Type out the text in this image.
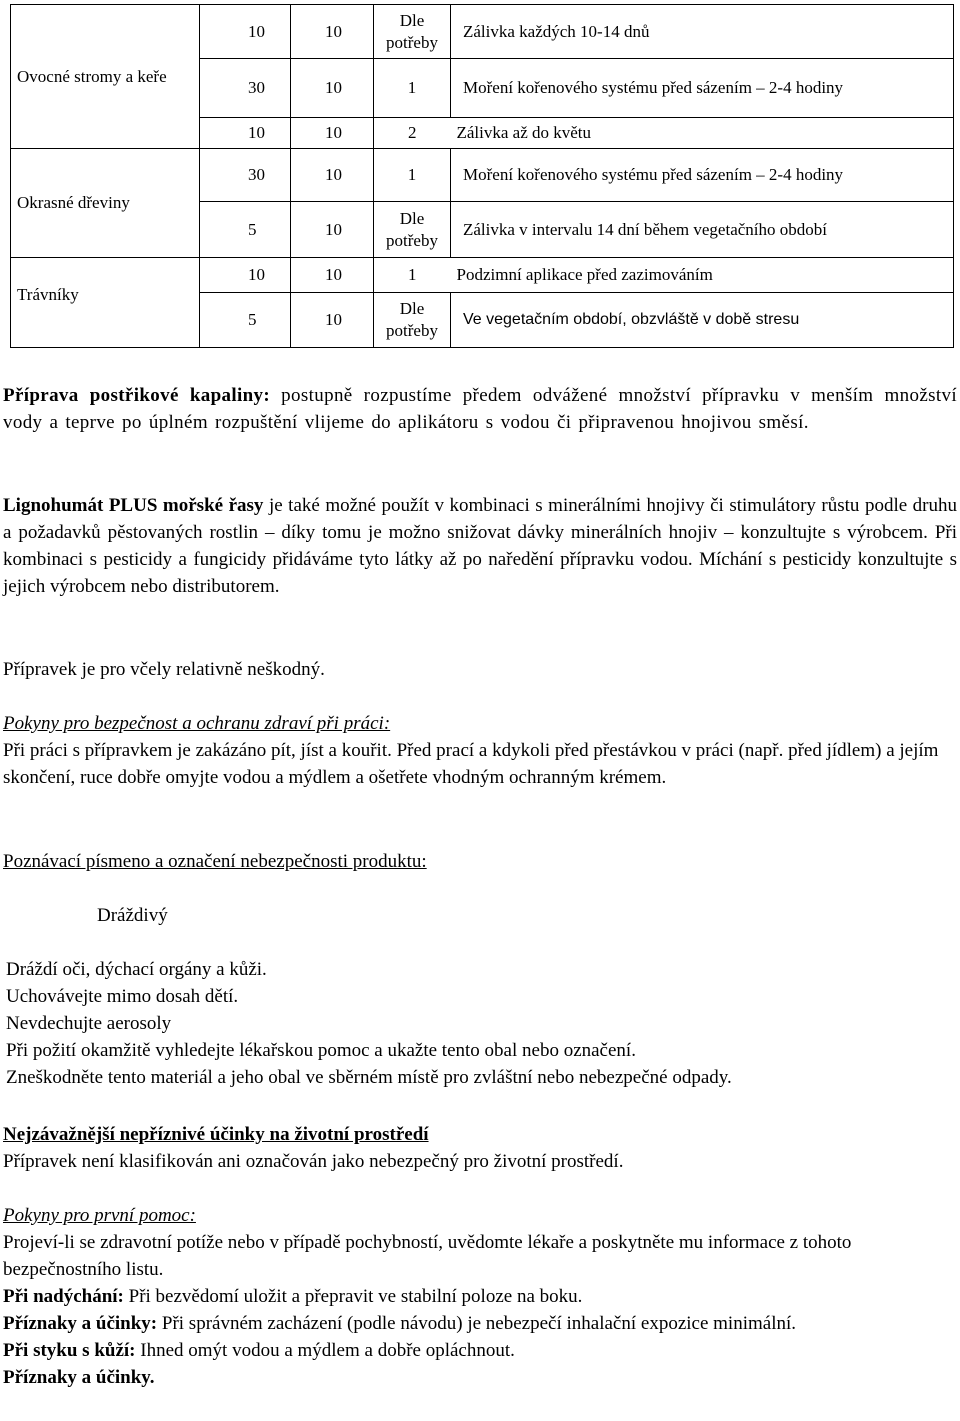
Ovocné stromy a keře	10	10	Dle potřeby	Zálivka každých 10-14 dnů
	30	10	1	Moření kořenového systému před sázením – 2-4 hodiny
	10	10	2	Zálivka až do květu
Okrasné dřeviny	30	10	1	Moření kořenového systému před sázením – 2-4 hodiny
	5	10	Dle potřeby	Zálivka v intervalu 14 dní během vegetačního období
Trávníky	10	10	1	Podzimní aplikace před zazimováním
	5	10	Dle potřeby	Ve vegetačním období, obzvláště v době stresu
Příprava postřikové kapaliny: postupně rozpustíme předem odvážené množství přípravku v menším množství vody a teprve po úplném rozpuštění vlijeme do aplikátoru s vodou či připravenou hnojivou směsí.
Lignohumát PLUS mořské řasy je také možné použít v kombinaci s minerálními hnojivy či stimulátory růstu podle druhu a požadavků pěstovaných rostlin – díky tomu je možno snižovat dávky minerálních hnojiv – konzultujte s výrobcem. Při kombinaci s pesticidy a fungicidy přidáváme tyto látky až po naředění přípravku vodou. Míchání s pesticidy konzultujte s jejich výrobcem nebo distributorem.
Přípravek je pro včely relativně neškodný.
Pokyny pro bezpečnost a ochranu zdraví při práci:
Při práci s přípravkem je zakázáno pít, jíst a kouřit. Před prací a kdykoli před přestávkou v práci (např. před jídlem) a jejím skončení, ruce dobře omyjte vodou a mýdlem a ošetřete vhodným ochranným krémem.
Poznávací písmeno a označení nebezpečnosti produktu:
Dráždivý
Dráždí oči, dýchací orgány a kůži.
Uchovávejte mimo dosah dětí.
Nevdechujte aerosoly
Při požití okamžitě vyhledejte lékařskou pomoc a ukažte tento obal nebo označení.
Zneškodněte tento materiál a jeho obal ve sběrném místě pro zvláštní nebo nebezpečné odpady.
Nejzávažnější nepříznivé účinky na životní prostředí
Přípravek není klasifikován ani označován jako nebezpečný pro životní prostředí.
Pokyny pro první pomoc:
Projeví-li se zdravotní potíže nebo v případě pochybností, uvědomte lékaře a poskytněte mu informace z tohoto bezpečnostního listu.
Při nadýchání: Při bezvědomí uložit a přepravit ve stabilní poloze na boku.
Příznaky a účinky: Při správném zacházení (podle návodu) je nebezpečí inhalační expozice minimální.
Při styku s kůží: Ihned omýt vodou a mýdlem a dobře opláchnout.
Příznaky a účinky.
